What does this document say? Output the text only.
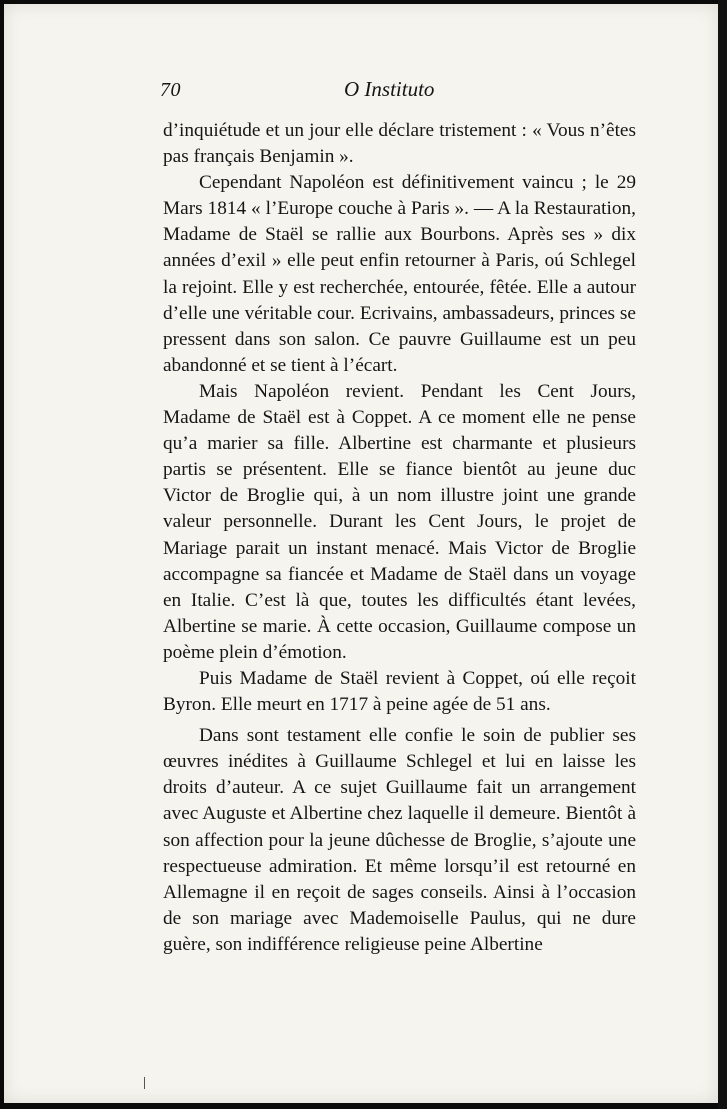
70	O Instituto

d’inquiétude et un jour elle déclare tristement : « Vous n’êtes pas français Benjamin ».

Cependant Napoléon est définitivement vaincu ; le 29 Mars 1814 « l’Europe couche à Paris ». — A la Restauration, Madame de Staël se rallie aux Bourbons. Après ses » dix années d’exil » elle peut enfin retourner à Paris, oú Schlegel la rejoint. Elle y est recherchée, entourée, fêtée. Elle a autour d’elle une véritable cour. Ecrivains, ambassadeurs, princes se pressent dans son salon. Ce pauvre Guillaume est un peu abandonné et se tient à l’écart.

Mais Napoléon revient. Pendant les Cent Jours, Madame de Staël est à Coppet. A ce moment elle ne pense qu’a marier sa fille. Albertine est charmante et plusieurs partis se présentent. Elle se fiance bientôt au jeune duc Victor de Broglie qui, à un nom illustre joint une grande valeur personnelle. Durant les Cent Jours, le projet de Mariage parait un instant menacé. Mais Victor de Broglie accompagne sa fiancée et Madame de Staël dans un voyage en Italie. C’est là que, toutes les difficultés étant levées, Albertine se marie. À cette occasion, Guillaume compose un poème plein d’émotion.

Puis Madame de Staël revient à Coppet, oú elle reçoit Byron. Elle meurt en 1717 à peine agée de 51 ans.

Dans sont testament elle confie le soin de publier ses œuvres inédites à Guillaume Schlegel et lui en laisse les droits d’auteur. A ce sujet Guillaume fait un arrangement avec Auguste et Albertine chez laquelle il demeure. Bientôt à son affection pour la jeune dûchesse de Broglie, s’ajoute une respectueuse admiration. Et même lorsqu’il est retourné en Allemagne il en reçoit de sages conseils. Ainsi à l’occasion de son mariage avec Mademoiselle Paulus, qui ne dure guère, son indifférence religieuse peine Albertine
